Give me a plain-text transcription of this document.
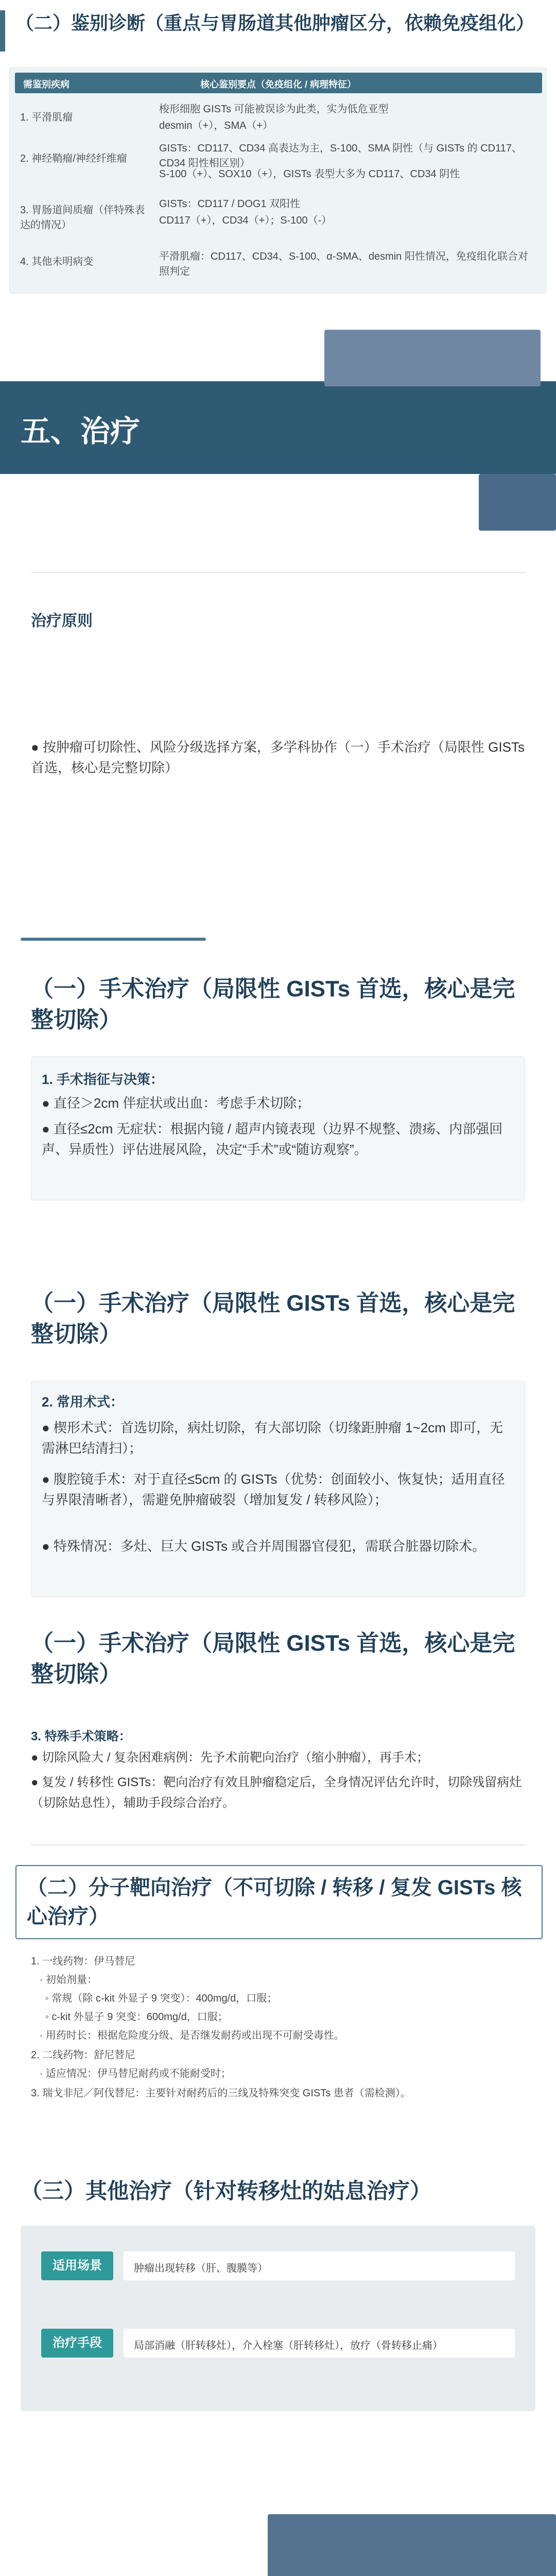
（二）鉴别诊断（重点与胃肠道其他肿瘤区分，依赖免疫组化）
需鉴别疾病	核心鉴别要点（免疫组化 / 病理特征）
1. 平滑肌瘤
梭形细胞 GISTs 可能被误诊为此类，实为低危亚型
desmin（+），SMA（+）
2. 神经鞘瘤/神经纤维瘤
GISTs：CD117、CD34 高表达为主，S-100、SMA 阴性（与 GISTs 的 CD117、CD34 阳性相区别）
S-100（+）、SOX10（+），GISTs 表型大多为 CD117、CD34 阴性
3. 胃肠道间质瘤（伴特殊表达的情况）
GISTs：CD117 / DOG1 双阳性
CD117（+），CD34（+）；S-100（-）
4. 其他未明病变	平滑肌瘤：CD117、CD34、S-100、α-SMA、desmin 阳性情况，免疫组化联合对照判定
五、治疗
治疗原则
● 按肿瘤可切除性、风险分级选择方案，多学科协作（一）手术治疗（局限性 GISTs 首选，核心是完整切除）
（一）手术治疗（局限性 GISTs 首选，核心是完整切除）
1. 手术指征与决策：
● 直径＞2cm 伴症状或出血：考虑手术切除；
● 直径≤2cm 无症状：根据内镜 / 超声内镜表现（边界不规整、溃疡、内部强回声、异质性）评估进展风险，决定“手术”或“随访观察”。
（一）手术治疗（局限性 GISTs 首选，核心是完整切除）
2. 常用术式：
● 楔形术式：首选切除，病灶切除，有大部切除（切缘距肿瘤 1~2cm 即可，无需淋巴结清扫）；
● 腹腔镜手术：对于直径≤5cm 的 GISTs（优势：创面较小、恢复快；适用直径与界限清晰者），需避免肿瘤破裂（增加复发 / 转移风险）；
● 特殊情况：多灶、巨大 GISTs 或合并周围器官侵犯，需联合脏器切除术。
（一）手术治疗（局限性 GISTs 首选，核心是完整切除）
3. 特殊手术策略：
● 切除风险大 / 复杂困难病例：先予术前靶向治疗（缩小肿瘤），再手术；
● 复发 / 转移性 GISTs：靶向治疗有效且肿瘤稳定后，全身情况评估允许时，切除残留病灶（切除姑息性），辅助手段综合治疗。
（二）分子靶向治疗（不可切除 / 转移 / 复发 GISTs 核心治疗）
1. 一线药物：伊马替尼
· 初始剂量：
◦ 常规（除 c-kit 外显子 9 突变）：400mg/d，口服；
◦ c-kit 外显子 9 突变：600mg/d，口服；
· 用药时长：根据危险度分级、是否继发耐药或出现不可耐受毒性。
2. 二线药物：舒尼替尼
· 适应情况：伊马替尼耐药或不能耐受时；
3. 瑞戈非尼／阿伐替尼：主要针对耐药后的三线及特殊突变 GISTs 患者（需检测）。
（三）其他治疗（针对转移灶的姑息治疗）
适用场景	肿瘤出现转移（肝、腹膜等）
治疗手段	局部消融（肝转移灶），介入栓塞（肝转移灶），放疗（骨转移止痛）
